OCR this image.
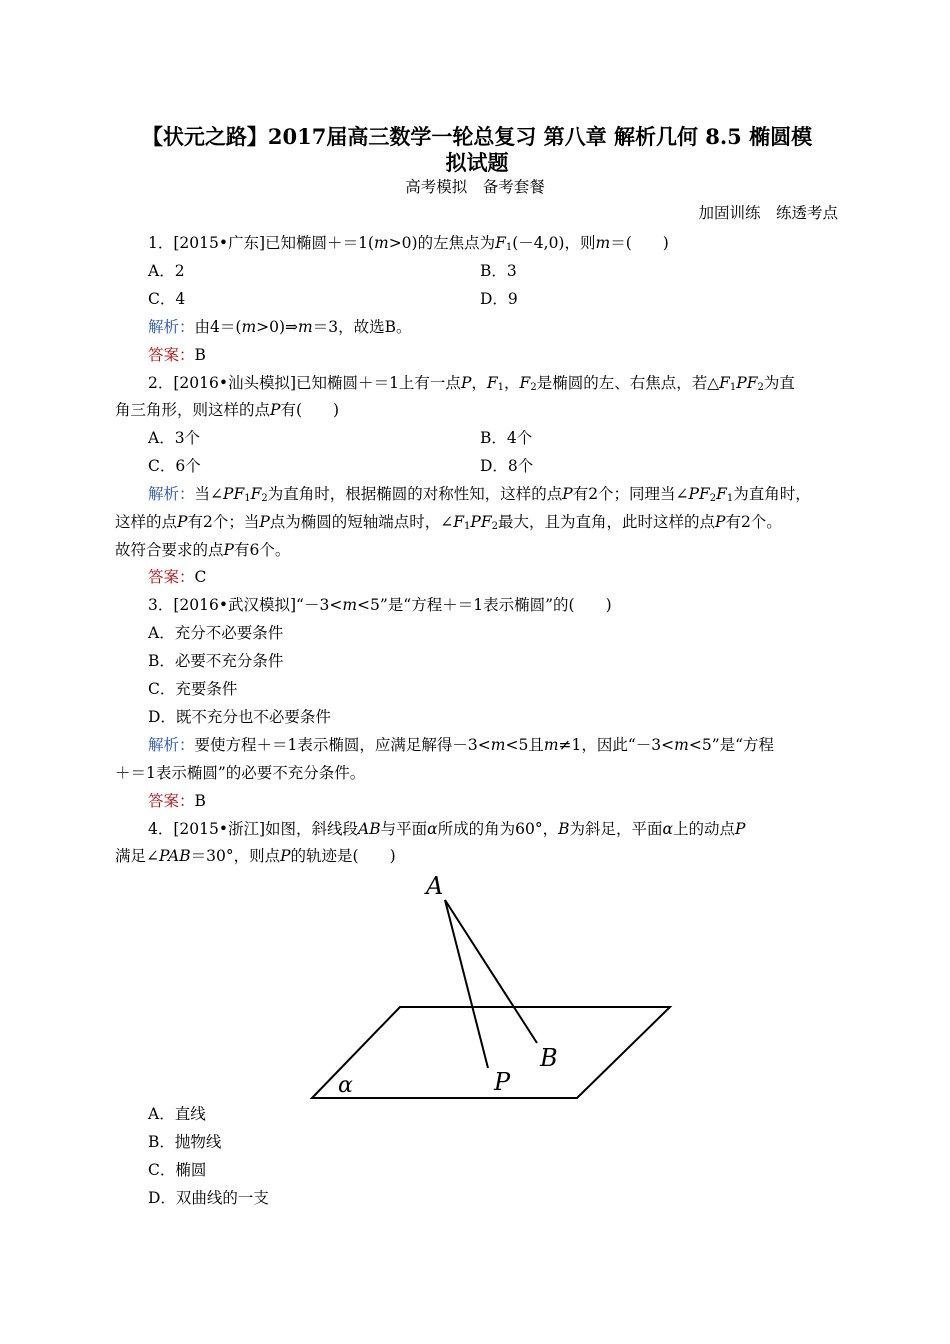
【状元之路】2017届高三数学一轮总复习 第八章 解析几何 8.5 椭圆模
拟试题
高考模拟　备考套餐
加固训练　练透考点
1．[2015•广东]已知椭圆＋＝1(m>0)的左焦点为$F_1(-4,0)$，则m＝(　　)
A．2	B．3
C．4	D．9
解析：由4＝(m>0)⇒m＝3，故选B。
答案：B
2．[2016•汕头模拟]已知椭圆＋＝1上有一点P，$F_1$，$F_2$是椭圆的左、右焦点，若$\triangle F_1PF_2$为直
角三角形，则这样的点P有(　　)
A．3个	B．4个
C．6个	D．8个
解析：当$\angle PF_1F_2$为直角时，根据椭圆的对称性知，这样的点P有2个；同理当$\angle PF_2F_1$为直角时，
这样的点P有2个；当P点为椭圆的短轴端点时，$\angle F_1PF_2$最大，且为直角，此时这样的点P有2个。
故符合要求的点P有6个。
答案：C
3．[2016•武汉模拟]“－3<m<5”是“方程＋＝1表示椭圆”的(　　)
A．充分不必要条件
B．必要不充分条件
C．充要条件
D．既不充分也不必要条件
解析：要使方程＋＝1表示椭圆，应满足解得－3<m<5且m≠1，因此“－3<m<5”是“方程
＋＝1表示椭圆”的必要不充分条件。
答案：B
4．[2015•浙江]如图，斜线段AB与平面α所成的角为60°，B为斜足，平面α上的动点P
满足∠PAB＝30°，则点P的轨迹是(　　)
A
B
P
α
A．直线
B．抛物线
C．椭圆
D．双曲线的一支
